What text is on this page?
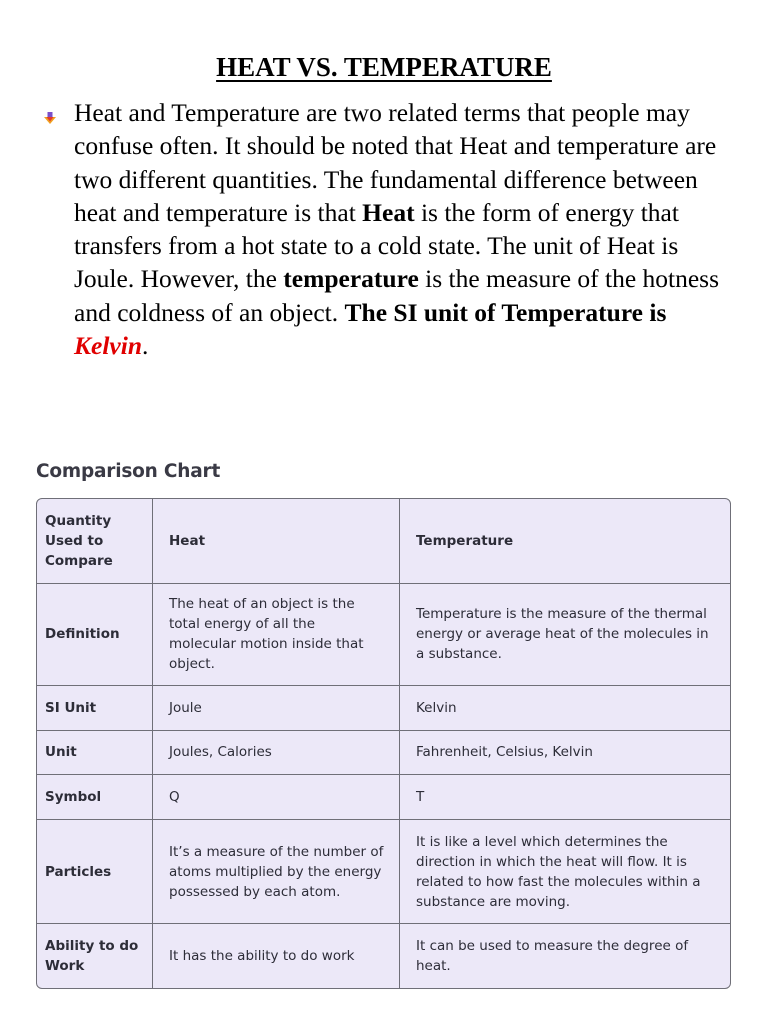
HEAT VS. TEMPERATURE
Heat and Temperature are two related terms that people may confuse often. It should be noted that Heat and temperature are two different quantities. The fundamental difference between heat and temperature is that Heat is the form of energy that transfers from a hot state to a cold state. The unit of Heat is Joule. However, the temperature is the measure of the hotness and coldness of an object. The SI unit of Temperature is Kelvin.
Comparison Chart
Quantity Used to Compare	Heat	Temperature
Definition	The heat of an object is the total energy of all the molecular motion inside that object.	Temperature is the measure of the thermal energy or average heat of the molecules in a substance.
SI Unit	Joule	Kelvin
Unit	Joules, Calories	Fahrenheit, Celsius, Kelvin
Symbol	Q	T
Particles	It’s a measure of the number of atoms multiplied by the energy possessed by each atom.	It is like a level which determines the direction in which the heat will flow. It is related to how fast the molecules within a substance are moving.
Ability to do Work	It has the ability to do work	It can be used to measure the degree of heat.
